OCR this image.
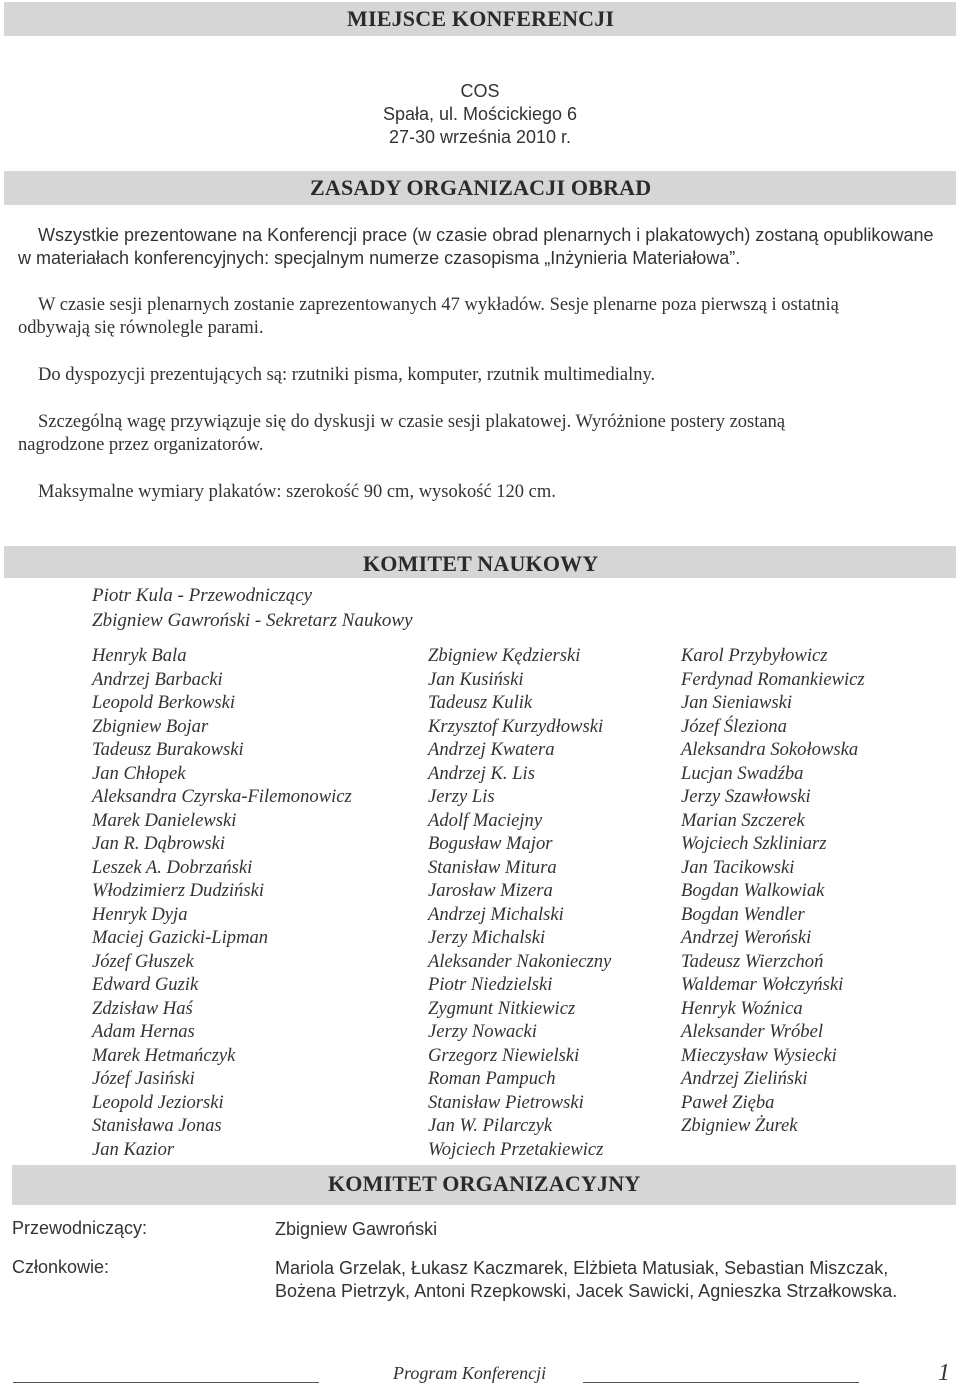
MIEJSCE KONFERENCJI
COS
Spała, ul. Mościckiego 6
27-30 września 2010 r.
ZASADY ORGANIZACJI OBRAD
Wszystkie prezentowane na Konferencji prace (w czasie obrad plenarnych i plakatowych) zostaną opublikowane
w materiałach konferencyjnych: specjalnym numerze czasopisma „Inżynieria Materiałowa”.
W czasie sesji plenarnych zostanie zaprezentowanych 47 wykładów. Sesje plenarne poza pierwszą i ostatnią
odbywają się równolegle parami.
Do dyspozycji prezentujących są: rzutniki pisma, komputer, rzutnik multimedialny.
Szczególną wagę przywiązuje się do dyskusji w czasie sesji plakatowej. Wyróżnione postery zostaną
nagrodzone przez organizatorów.
Maksymalne wymiary plakatów: szerokość 90 cm, wysokość 120 cm.
KOMITET NAUKOWY
Piotr Kula - Przewodniczący
Zbigniew Gawroński - Sekretarz Naukowy
Henryk Bala
Andrzej Barbacki
Leopold Berkowski
Zbigniew Bojar
Tadeusz Burakowski
Jan Chłopek
Aleksandra Czyrska-Filemonowicz
Marek Danielewski
Jan R. Dąbrowski
Leszek A. Dobrzański
Włodzimierz Dudziński
Henryk Dyja
Maciej Gazicki-Lipman
Józef Głuszek
Edward Guzik
Zdzisław Haś
Adam Hernas
Marek Hetmańczyk
Józef Jasiński
Leopold Jeziorski
Stanisława Jonas
Jan Kazior
Zbigniew Kędzierski
Jan Kusiński
Tadeusz Kulik
Krzysztof Kurzydłowski
Andrzej Kwatera
Andrzej K. Lis
Jerzy Lis
Adolf Maciejny
Bogusław Major
Stanisław Mitura
Jarosław Mizera
Andrzej Michalski
Jerzy Michalski
Aleksander Nakonieczny
Piotr Niedzielski
Zygmunt Nitkiewicz
Jerzy Nowacki
Grzegorz Niewielski
Roman Pampuch
Stanisław Pietrowski
Jan W. Pilarczyk
Wojciech Przetakiewicz
Karol Przybyłowicz
Ferdynad Romankiewicz
Jan Sieniawski
Józef Śleziona
Aleksandra Sokołowska
Lucjan Swadźba
Jerzy Szawłowski
Marian Szczerek
Wojciech Szkliniarz
Jan Tacikowski
Bogdan Walkowiak
Bogdan Wendler
Andrzej Weroński
Tadeusz Wierzchoń
Waldemar Wołczyński
Henryk Woźnica
Aleksander Wróbel
Mieczysław Wysiecki
Andrzej Zieliński
Paweł Zięba
Zbigniew Żurek
KOMITET ORGANIZACYJNY
Przewodniczący:	Zbigniew Gawroński
Członkowie:	Mariola Grzelak, Łukasz Kaczmarek, Elżbieta Matusiak, Sebastian Miszczak,
Bożena Pietrzyk, Antoni Rzepkowski, Jacek Sawicki, Agnieszka Strzałkowska.
Program Konferencji	1
